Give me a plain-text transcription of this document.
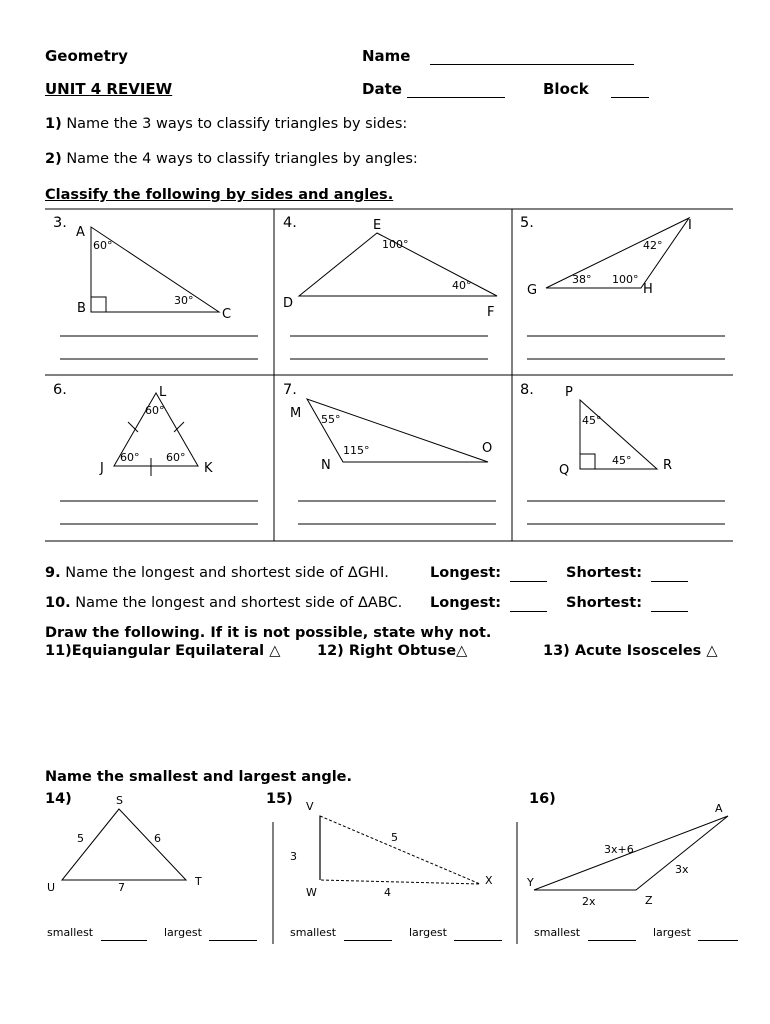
Geometry
UNIT 4 REVIEW
Name
Date	Block
1) Name the 3 ways to classify triangles by sides:
2) Name the 4 ways to classify triangles by angles:
Classify the following by sides and angles.
3.
A
B	C
60°
30°
4.	E
D
F
100°
40°
5.	I
G	H
42°
38° 100°
6.	L
J	K
60°
60° 60°
7.
M
N
O
55°
115°
8. P
Q	R
45°
45°
9. Name the longest and shortest side of ΔGHI.	Longest:	Shortest:
10. Name the longest and shortest side of ΔABC. Longest:	Shortest:
Draw the following. If it is not possible, state why not.
11)Equiangular Equilateral △	12) Right Obtuse△	13) Acute Isosceles △
Name the smallest and largest angle.
14)	15)	16)
S
U	T
5	6
7
V
W
X
3
5
4
A
Y
Z
3x+6
3x
2x
smallest	largest	smallest	largest	smallest	largest
